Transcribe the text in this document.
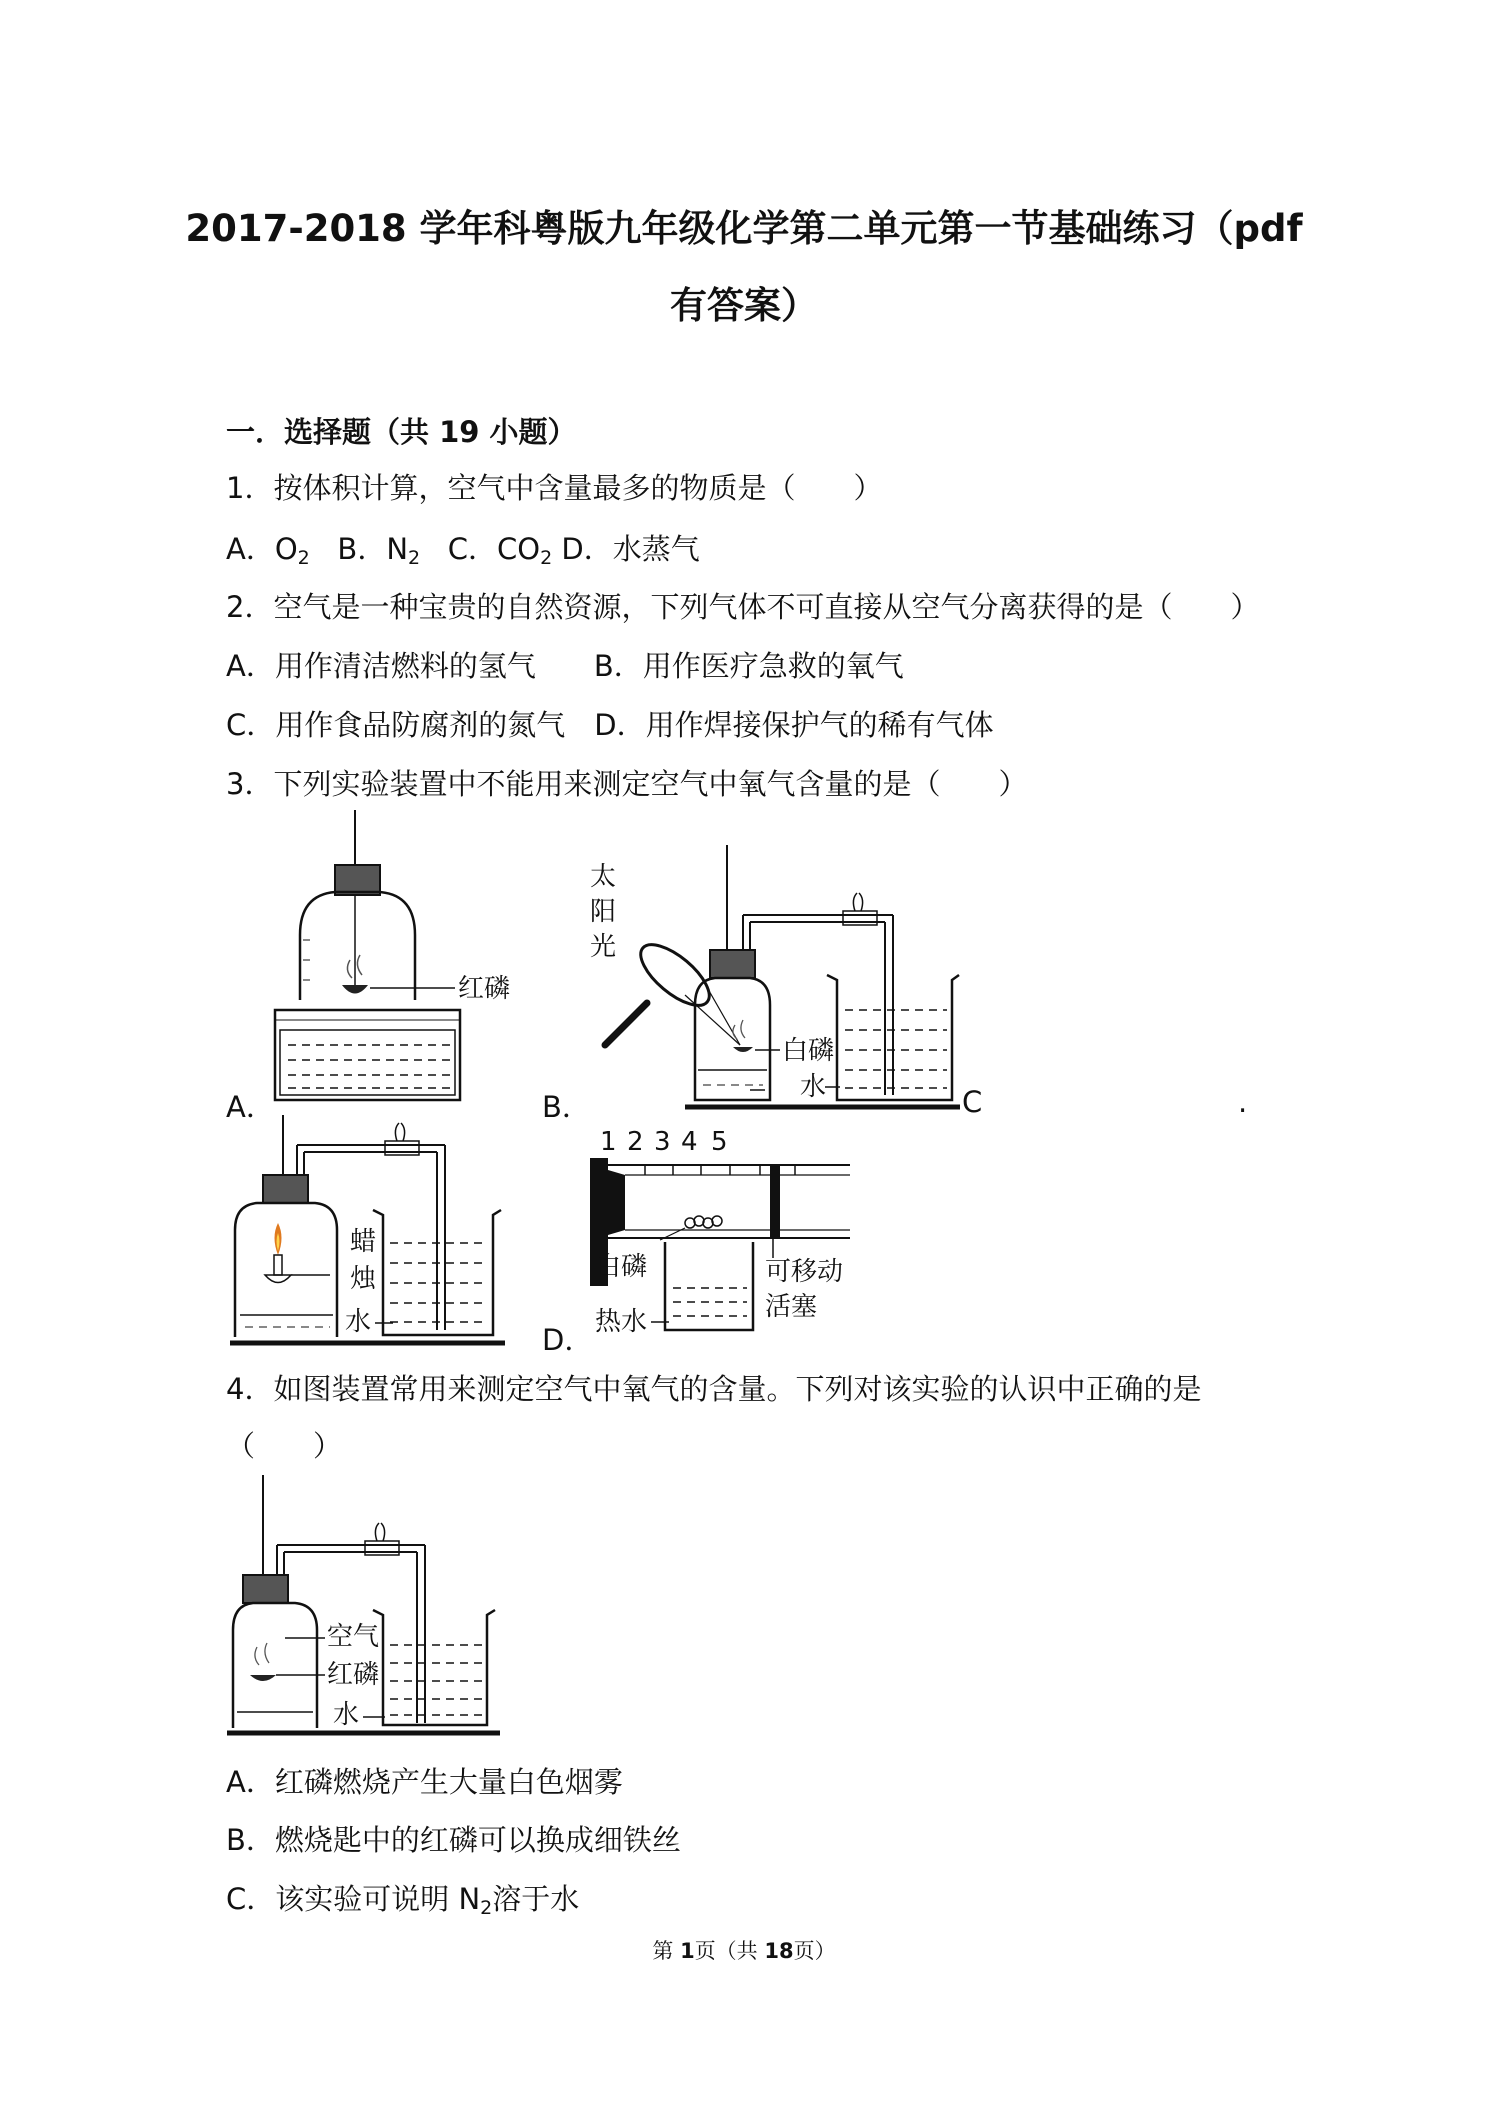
2017-2018 学年科粤版九年级化学第二单元第一节基础练习（pdf
有答案）
一．选择题（共 19 小题）
1．按体积计算，空气中含量最多的物质是（　　）
A．$O_2$ B．$N_2$ C．$CO_2$ D．水蒸气
2．空气是一种宝贵的自然资源，下列气体不可直接从空气分离获得的是（　　）
A．用作清洁燃料的氢气　　B．用作医疗急救的氧气
C．用作食品防腐剂的氮气　D．用作焊接保护气的稀有气体
3．下列实验装置中不能用来测定空气中氧气含量的是（　　）
A．	B．	C	.
D．
红磷
太
阳
光
白磷
水
蜡
烛
水
1 2 3 4 5
白磷
热水
可移动
活塞
4．如图装置常用来测定空气中氧气的含量。下列对该实验的认识中正确的是
（　　）
空气
红磷
水
A．红磷燃烧产生大量白色烟雾
B．燃烧匙中的红磷可以换成细铁丝
C．该实验可说明 $N_2$溶于水
第 1页（共 18页）
